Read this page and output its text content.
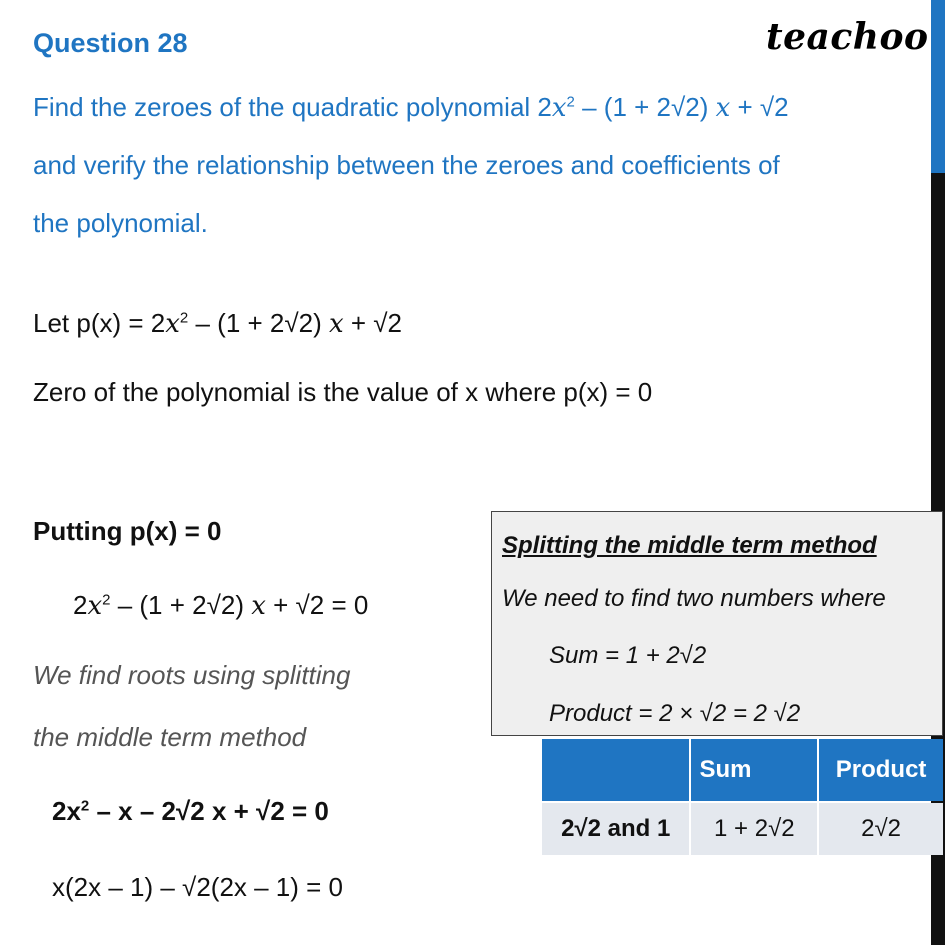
Question 28	teachoo
Find the zeroes of the quadratic polynomial 2𝑥$^2$ – (1 + 2√2) 𝑥 + √2
and verify the relationship between the zeroes and coefficients of
the polynomial.
Let p(x) = 2𝑥$^2$ – (1 + 2√2) 𝑥 + √2
Zero of the polynomial is the value of x where p(x) = 0
Putting p(x) = 0
2𝑥$^2$ – (1 + 2√2) 𝑥 + √2 = 0
We find roots using splitting
the middle term method
$2x^2$ – x – 2√2 x + √2 = 0
x(2x – 1) – √2(2x – 1) = 0
Splitting the middle term method
We need to find two numbers where
Sum = 1 + 2√2
Product = 2 × √2 = 2 √2
	Sum	Product
2√2 and 1	1 + 2√2	2√2
